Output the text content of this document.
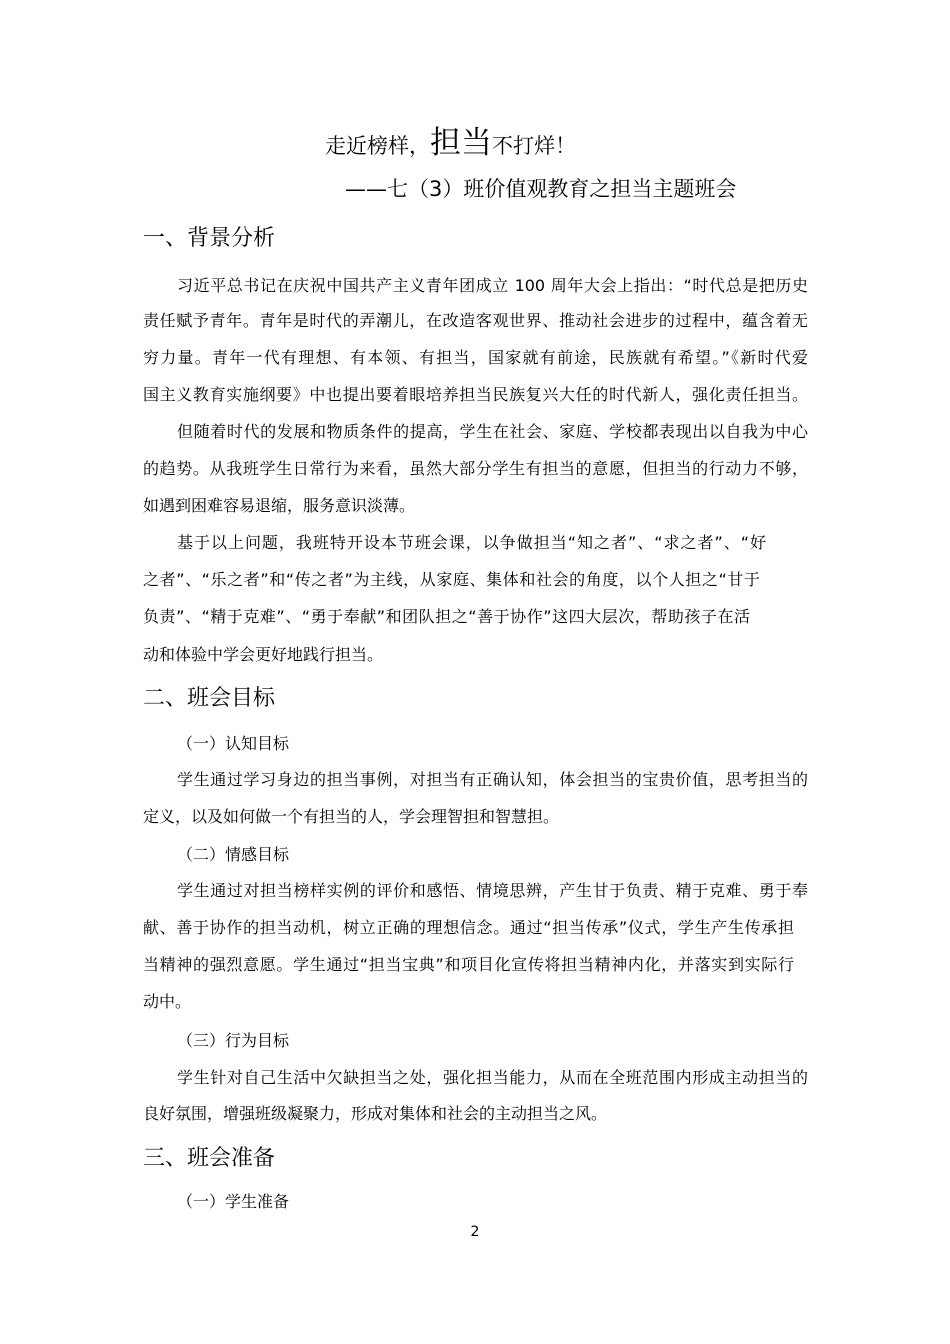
走近榜样，担当不打烊！
——七（3）班价值观教育之担当主题班会
一、背景分析
习近平总书记在庆祝中国共产主义青年团成立 100 周年大会上指出：“时代总是把历史
责任赋予青年。青年是时代的弄潮儿，在改造客观世界、推动社会进步的过程中，蕴含着无
穷力量。青年一代有理想、有本领、有担当，国家就有前途，民族就有希望。”《新时代爱
国主义教育实施纲要》中也提出要着眼培养担当民族复兴大任的时代新人，强化责任担当。
但随着时代的发展和物质条件的提高，学生在社会、家庭、学校都表现出以自我为中心
的趋势。从我班学生日常行为来看，虽然大部分学生有担当的意愿，但担当的行动力不够，
如遇到困难容易退缩，服务意识淡薄。
基于以上问题，我班特开设本节班会课，以争做担当“知之者”、“求之者”、“好
之者”、“乐之者”和“传之者”为主线，从家庭、集体和社会的角度，以个人担之“甘于
负责”、“精于克难”、“勇于奉献”和团队担之“善于协作”这四大层次，帮助孩子在活
动和体验中学会更好地践行担当。
二、班会目标
（一）认知目标
学生通过学习身边的担当事例，对担当有正确认知，体会担当的宝贵价值，思考担当的
定义，以及如何做一个有担当的人，学会理智担和智慧担。
（二）情感目标
学生通过对担当榜样实例的评价和感悟、情境思辨，产生甘于负责、精于克难、勇于奉
献、善于协作的担当动机，树立正确的理想信念。通过“担当传承”仪式，学生产生传承担
当精神的强烈意愿。学生通过“担当宝典”和项目化宣传将担当精神内化，并落实到实际行
动中。
（三）行为目标
学生针对自己生活中欠缺担当之处，强化担当能力，从而在全班范围内形成主动担当的
良好氛围，增强班级凝聚力，形成对集体和社会的主动担当之风。
三、班会准备
（一）学生准备
2
